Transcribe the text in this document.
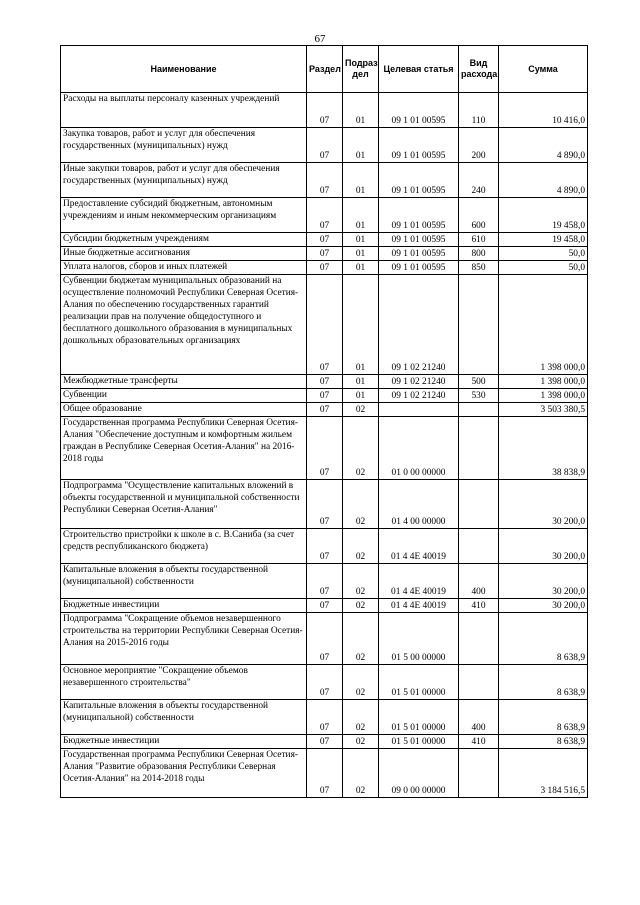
67
Наименование	Раздел	Подраз дел	Целевая статья	Вид расхода	Сумма
Расходы на выплаты персоналу казенных учреждений	07	01	09 1 01 00595	110	10 416,0
Закупка товаров, работ и услуг для обеспечения государственных (муниципальных) нужд	07	01	09 1 01 00595	200	4 890,0
Иные закупки товаров, работ и услуг для обеспечения государственных (муниципальных) нужд	07	01	09 1 01 00595	240	4 890,0
Предоставление субсидий бюджетным, автономным учреждениям и иным некоммерческим организациям	07	01	09 1 01 00595	600	19 458,0
Субсидии бюджетным учреждениям	07	01	09 1 01 00595	610	19 458,0
Иные бюджетные ассигнования	07	01	09 1 01 00595	800	50,0
Уплата налогов, сборов и иных платежей	07	01	09 1 01 00595	850	50,0
Субвенции бюджетам муниципальных образований на осуществление полномочий Республики Северная Осетия-Алания по обеспечению государственных гарантий реализации прав на получение общедоступного и бесплатного дошкольного образования в муниципальных дошкольных образовательных организациях	07	01	09 1 02 21240		1 398 000,0
Межбюджетные трансферты	07	01	09 1 02 21240	500	1 398 000,0
Субвенции	07	01	09 1 02 21240	530	1 398 000,0
Общее образование	07	02			3 503 380,5
Государственная программа Республики Северная Осетия-Алания "Обеспечение доступным и комфортным жильем граждан в Республике Северная Осетия-Алания" на 2016-2018 годы	07	02	01 0 00 00000		38 838,9
Подпрограмма "Осуществление капитальных вложений в объекты государственной и муниципальной собственности Республики Северная Осетия-Алания"	07	02	01 4 00 00000		30 200,0
Строительство пристройки к школе в с. В.Саниба (за счет средств республиканского бюджета)	07	02	01 4 4E 40019		30 200,0
Капитальные вложения в объекты государственной (муниципальной) собственности	07	02	01 4 4E 40019	400	30 200,0
Бюджетные инвестиции	07	02	01 4 4E 40019	410	30 200,0
Подпрограмма "Сокращение объемов незавершенного строительства на территории Республики Северная Осетия-Алания на 2015-2016 годы	07	02	01 5 00 00000		8 638,9
Основное мероприятие "Сокращение объемов незавершенного строительства"	07	02	01 5 01 00000		8 638,9
Капитальные вложения в объекты государственной (муниципальной) собственности	07	02	01 5 01 00000	400	8 638,9
Бюджетные инвестиции	07	02	01 5 01 00000	410	8 638,9
Государственная программа Республики Северная Осетия-Алания "Развитие образования Республики Северная Осетия-Алания" на 2014-2018 годы	07	02	09 0 00 00000		3 184 516,5
